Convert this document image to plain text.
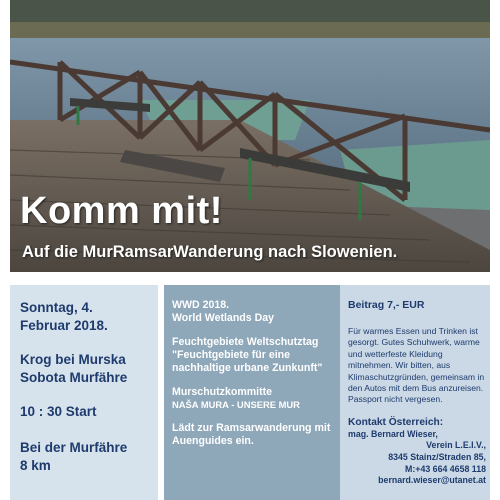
Komm mit!
Auf die MurRamsarWanderung nach Slowenien.
Sonntag, 4.
Februar 2018.
Krog bei Murska
Sobota Murfähre
10 : 30 Start
Bei der Murfähre
8 km
WWD 2018.
World Wetlands Day
Feuchtgebiete Weltschutztag
"Feuchtgebiete für eine
nachhaltige urbane Zunkunft"
Murschutzkommitte
NAŠA MURA - UNSERE MUR
Lädt zur Ramsarwanderung mit
Auenguides ein.
Beitrag 7,- EUR
Für warmes Essen und Trinken ist
gesorgt. Gutes Schuhwerk, warme
und wetterfeste Kleidung
mitnehmen. Wir bitten, aus
Klimaschutzgründen, gemeinsam in
den Autos mit dem Bus anzureisen.
Passport nicht vergesen.
Kontakt Österreich:
mag. Bernard Wieser,
Verein L.E.I.V.,
8345 Stainz/Straden 85,
M:+43 664 4658 118
bernard.wieser@utanet.at
